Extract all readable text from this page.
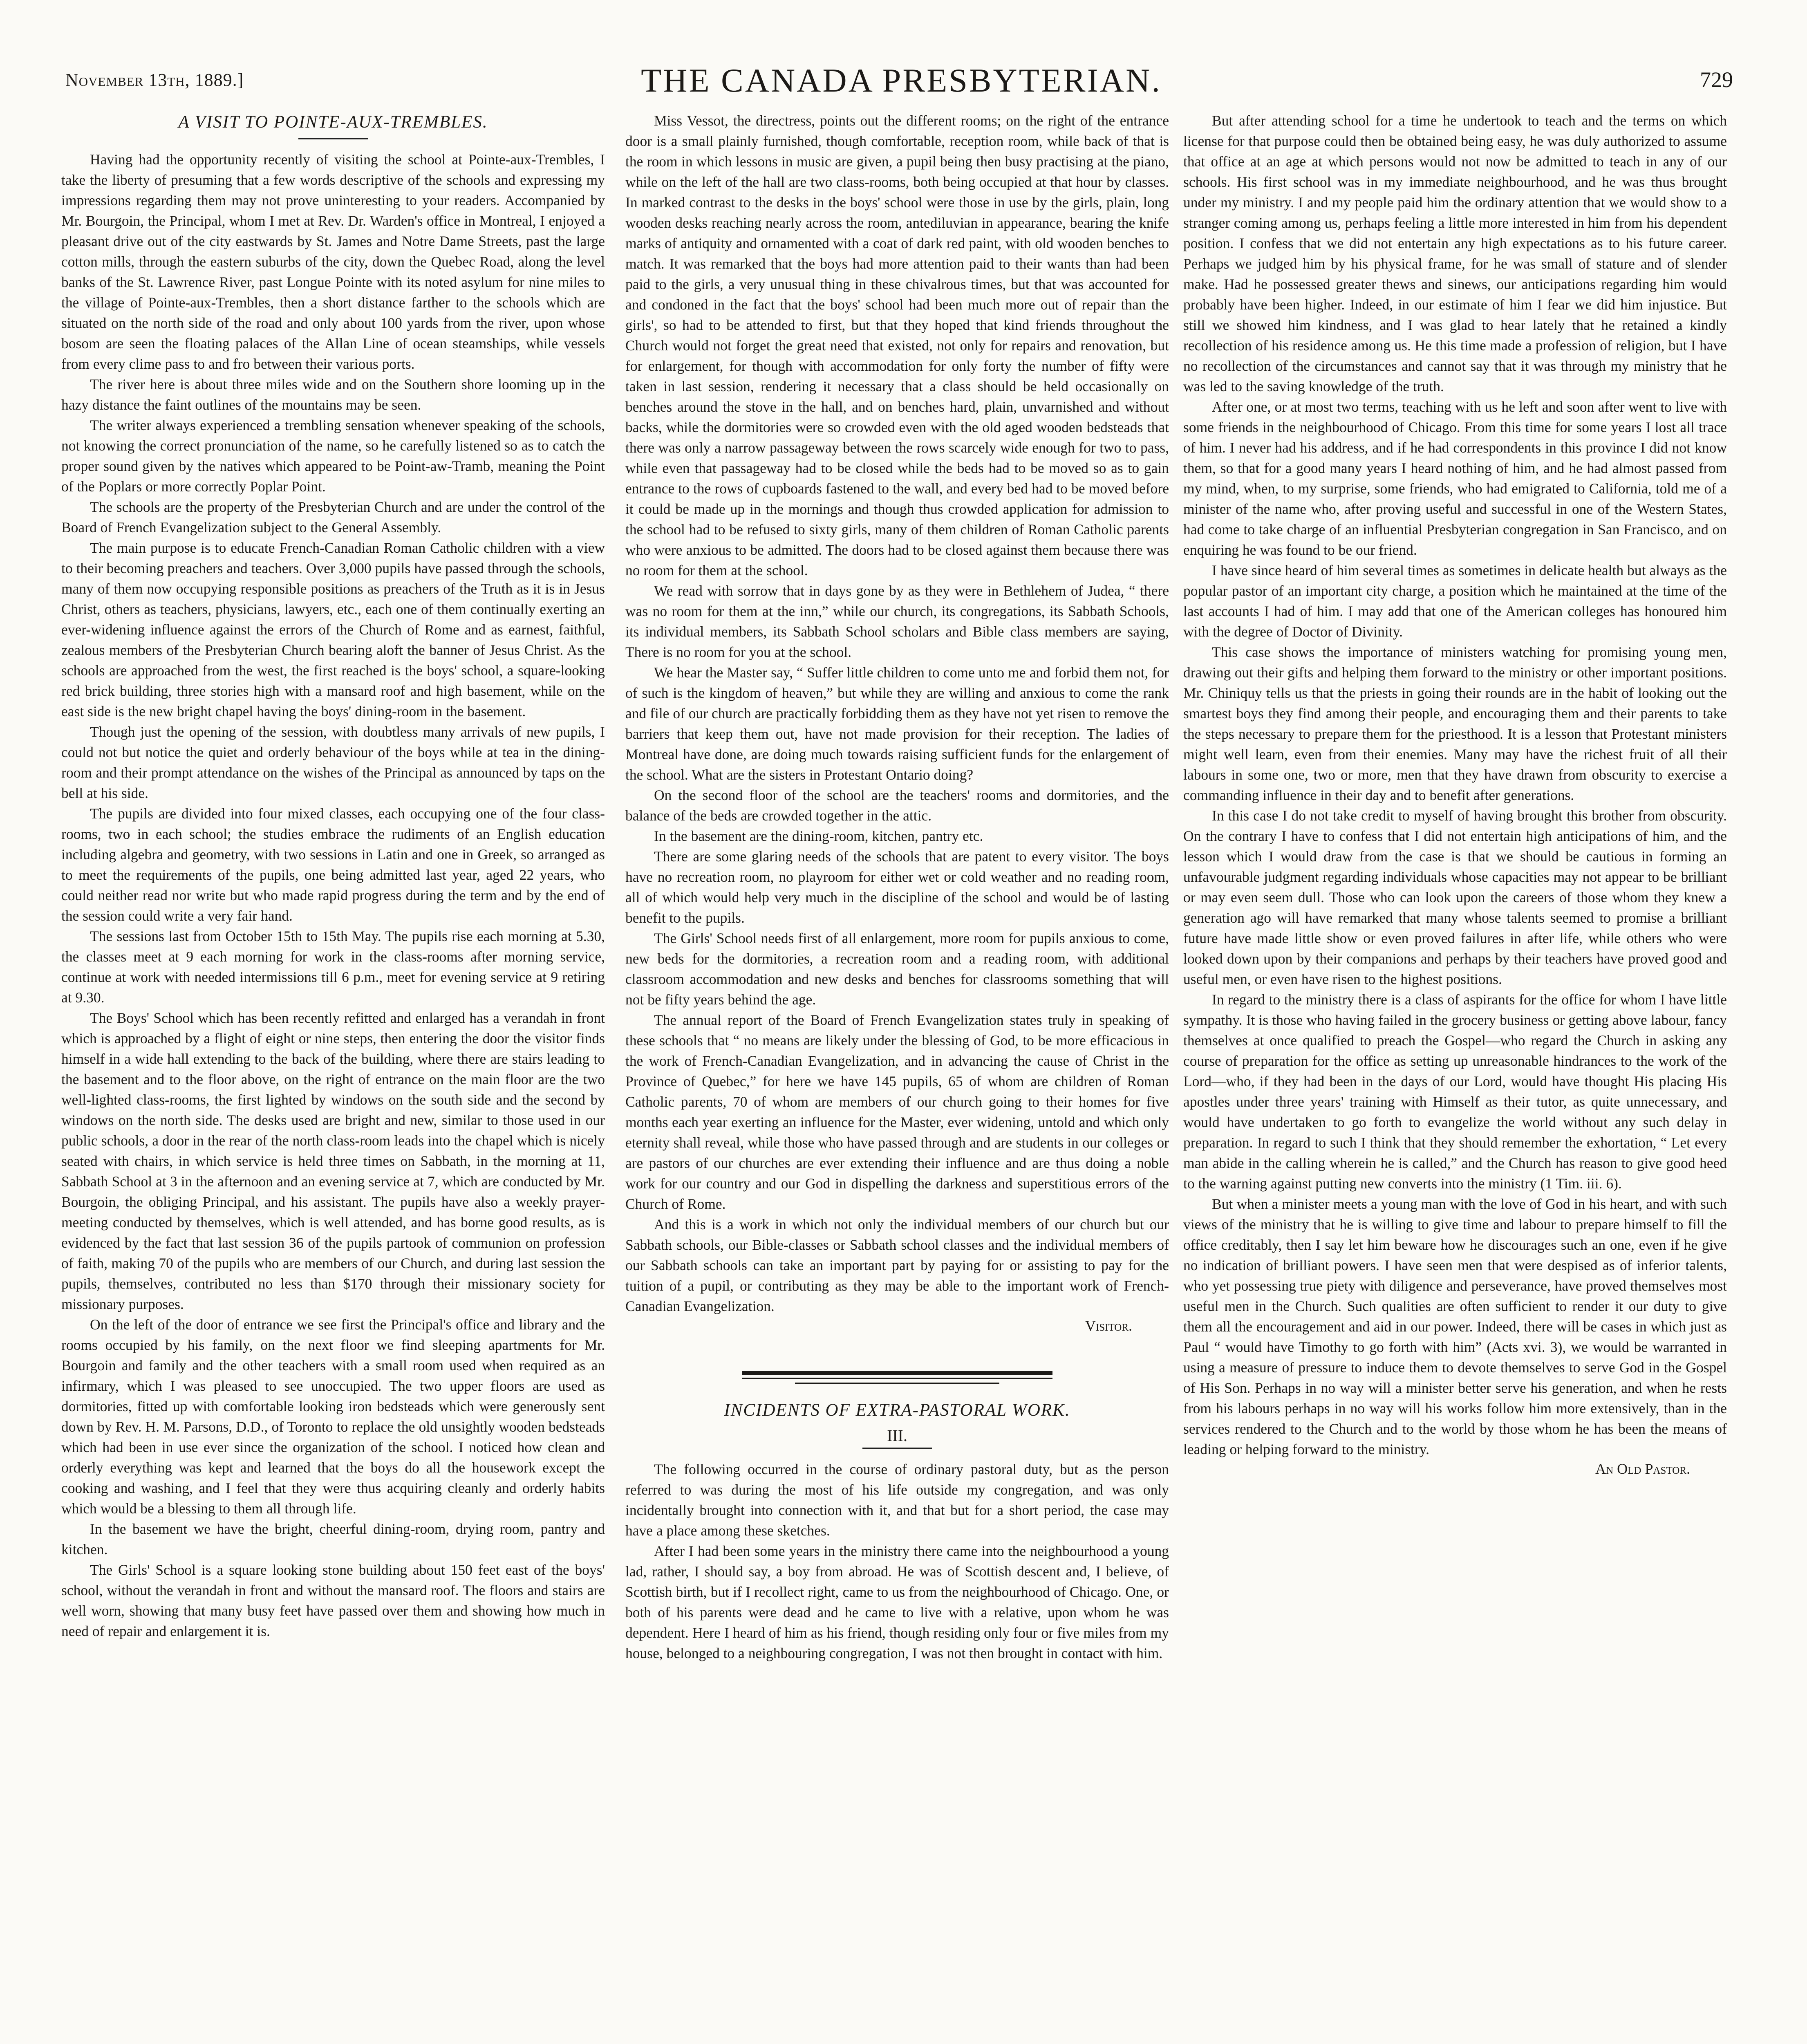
November 13th, 1889.]	THE CANADA PRESBYTERIAN.	729
A VISIT TO POINTE-AUX-TREMBLES.

Having had the opportunity recently of visiting the school at Pointe-aux-Trembles, I take the liberty of presuming that a few words descriptive of the schools and expressing my impressions regarding them may not prove uninteresting to your readers. Accompanied by Mr. Bourgoin, the Principal, whom I met at Rev. Dr. Warden's office in Montreal, I enjoyed a pleasant drive out of the city eastwards by St. James and Notre Dame Streets, past the large cotton mills, through the eastern suburbs of the city, down the Quebec Road, along the level banks of the St. Lawrence River, past Longue Pointe with its noted asylum for nine miles to the village of Pointe-aux-Trembles, then a short distance farther to the schools which are situated on the north side of the road and only about 100 yards from the river, upon whose bosom are seen the floating palaces of the Allan Line of ocean steamships, while vessels from every clime pass to and fro between their various ports.

The river here is about three miles wide and on the Southern shore looming up in the hazy distance the faint outlines of the mountains may be seen.

The writer always experienced a trembling sensation whenever speaking of the schools, not knowing the correct pronunciation of the name, so he carefully listened so as to catch the proper sound given by the natives which appeared to be Point-aw-Tramb, meaning the Point of the Poplars or more correctly Poplar Point.

The schools are the property of the Presbyterian Church and are under the control of the Board of French Evangelization subject to the General Assembly.

The main purpose is to educate French-Canadian Roman Catholic children with a view to their becoming preachers and teachers. Over 3,000 pupils have passed through the schools, many of them now occupying responsible positions as preachers of the Truth as it is in Jesus Christ, others as teachers, physicians, lawyers, etc., each one of them continually exerting an ever-widening influence against the errors of the Church of Rome and as earnest, faithful, zealous members of the Presbyterian Church bearing aloft the banner of Jesus Christ. As the schools are approached from the west, the first reached is the boys' school, a square-looking red brick building, three stories high with a mansard roof and high basement, while on the east side is the new bright chapel having the boys' dining-room in the basement.

Though just the opening of the session, with doubtless many arrivals of new pupils, I could not but notice the quiet and orderly behaviour of the boys while at tea in the dining-room and their prompt attendance on the wishes of the Principal as announced by taps on the bell at his side.

The pupils are divided into four mixed classes, each occupying one of the four class-rooms, two in each school; the studies embrace the rudiments of an English education including algebra and geometry, with two sessions in Latin and one in Greek, so arranged as to meet the requirements of the pupils, one being admitted last year, aged 22 years, who could neither read nor write but who made rapid progress during the term and by the end of the session could write a very fair hand.

The sessions last from October 15th to 15th May. The pupils rise each morning at 5.30, the classes meet at 9 each morning for work in the class-rooms after morning service, continue at work with needed intermissions till 6 p.m., meet for evening service at 9 retiring at 9.30.

The Boys' School which has been recently refitted and enlarged has a verandah in front which is approached by a flight of eight or nine steps, then entering the door the visitor finds himself in a wide hall extending to the back of the building, where there are stairs leading to the basement and to the floor above, on the right of entrance on the main floor are the two well-lighted class-rooms, the first lighted by windows on the south side and the second by windows on the north side. The desks used are bright and new, similar to those used in our public schools, a door in the rear of the north class-room leads into the chapel which is nicely seated with chairs, in which service is held three times on Sabbath, in the morning at 11, Sabbath School at 3 in the afternoon and an evening service at 7, which are conducted by Mr. Bourgoin, the obliging Principal, and his assistant. The pupils have also a weekly prayer-meeting conducted by themselves, which is well attended, and has borne good results, as is evidenced by the fact that last session 36 of the pupils partook of communion on profession of faith, making 70 of the pupils who are members of our Church, and during last session the pupils, themselves, contributed no less than $170 through their missionary society for missionary purposes.

On the left of the door of entrance we see first the Principal's office and library and the rooms occupied by his family, on the next floor we find sleeping apartments for Mr. Bourgoin and family and the other teachers with a small room used when required as an infirmary, which I was pleased to see unoccupied. The two upper floors are used as dormitories, fitted up with comfortable looking iron bedsteads which were generously sent down by Rev. H. M. Parsons, D.D., of Toronto to replace the old unsightly wooden bedsteads which had been in use ever since the organization of the school. I noticed how clean and orderly everything was kept and learned that the boys do all the housework except the cooking and washing, and I feel that they were thus acquiring cleanly and orderly habits which would be a blessing to them all through life.

In the basement we have the bright, cheerful dining-room, drying room, pantry and kitchen.

The Girls' School is a square looking stone building about 150 feet east of the boys' school, without the verandah in front and without the mansard roof. The floors and stairs are well worn, showing that many busy feet have passed over them and showing how much in need of repair and enlargement it is.

Miss Vessot, the directress, points out the different rooms; on the right of the entrance door is a small plainly furnished, though comfortable, reception room, while back of that is the room in which lessons in music are given, a pupil being then busy practising at the piano, while on the left of the hall are two class-rooms, both being occupied at that hour by classes. In marked contrast to the desks in the boys' school were those in use by the girls, plain, long wooden desks reaching nearly across the room, antediluvian in appearance, bearing the knife marks of antiquity and ornamented with a coat of dark red paint, with old wooden benches to match. It was remarked that the boys had more attention paid to their wants than had been paid to the girls, a very unusual thing in these chivalrous times, but that was accounted for and condoned in the fact that the boys' school had been much more out of repair than the girls', so had to be attended to first, but that they hoped that kind friends throughout the Church would not forget the great need that existed, not only for repairs and renovation, but for enlargement, for though with accommodation for only forty the number of fifty were taken in last session, rendering it necessary that a class should be held occasionally on benches around the stove in the hall, and on benches hard, plain, unvarnished and without backs, while the dormitories were so crowded even with the old aged wooden bedsteads that there was only a narrow passageway between the rows scarcely wide enough for two to pass, while even that passageway had to be closed while the beds had to be moved so as to gain entrance to the rows of cupboards fastened to the wall, and every bed had to be moved before it could be made up in the mornings and though thus crowded application for admission to the school had to be refused to sixty girls, many of them children of Roman Catholic parents who were anxious to be admitted. The doors had to be closed against them because there was no room for them at the school.

We read with sorrow that in days gone by as they were in Bethlehem of Judea, “ there was no room for them at the inn,” while our church, its congregations, its Sabbath Schools, its individual members, its Sabbath School scholars and Bible class members are saying, There is no room for you at the school.

We hear the Master say, “ Suffer little children to come unto me and forbid them not, for of such is the kingdom of heaven,” but while they are willing and anxious to come the rank and file of our church are practically forbidding them as they have not yet risen to remove the barriers that keep them out, have not made provision for their reception. The ladies of Montreal have done, are doing much towards raising sufficient funds for the enlargement of the school. What are the sisters in Protestant Ontario doing?

On the second floor of the school are the teachers' rooms and dormitories, and the balance of the beds are crowded together in the attic.

In the basement are the dining-room, kitchen, pantry etc.

There are some glaring needs of the schools that are patent to every visitor. The boys have no recreation room, no playroom for either wet or cold weather and no reading room, all of which would help very much in the discipline of the school and would be of lasting benefit to the pupils.

The Girls' School needs first of all enlargement, more room for pupils anxious to come, new beds for the dormitories, a recreation room and a reading room, with additional classroom accommodation and new desks and benches for classrooms something that will not be fifty years behind the age.

The annual report of the Board of French Evangelization states truly in speaking of these schools that “ no means are likely under the blessing of God, to be more efficacious in the work of French-Canadian Evangelization, and in advancing the cause of Christ in the Province of Quebec,” for here we have 145 pupils, 65 of whom are children of Roman Catholic parents, 70 of whom are members of our church going to their homes for five months each year exerting an influence for the Master, ever widening, untold and which only eternity shall reveal, while those who have passed through and are students in our colleges or are pastors of our churches are ever extending their influence and are thus doing a noble work for our country and our God in dispelling the darkness and superstitious errors of the Church of Rome.

And this is a work in which not only the individual members of our church but our Sabbath schools, our Bible-classes or Sabbath school classes and the individual members of our Sabbath schools can take an important part by paying for or assisting to pay for the tuition of a pupil, or contributing as they may be able to the important work of French-Canadian Evangelization.

Visitor.
INCIDENTS OF EXTRA-PASTORAL WORK.
III.

The following occurred in the course of ordinary pastoral duty, but as the person referred to was during the most of his life outside my congregation, and was only incidentally brought into connection with it, and that but for a short period, the case may have a place among these sketches.

After I had been some years in the ministry there came into the neighbourhood a young lad, rather, I should say, a boy from abroad. He was of Scottish descent and, I believe, of Scottish birth, but if I recollect right, came to us from the neighbourhood of Chicago. One, or both of his parents were dead and he came to live with a relative, upon whom he was dependent. Here I heard of him as his friend, though residing only four or five miles from my house, belonged to a neighbouring congregation, I was not then brought in contact with him.

But after attending school for a time he undertook to teach and the terms on which license for that purpose could then be obtained being easy, he was duly authorized to assume that office at an age at which persons would not now be admitted to teach in any of our schools. His first school was in my immediate neighbourhood, and he was thus brought under my ministry. I and my people paid him the ordinary attention that we would show to a stranger coming among us, perhaps feeling a little more interested in him from his dependent position. I confess that we did not entertain any high expectations as to his future career. Perhaps we judged him by his physical frame, for he was small of stature and of slender make. Had he possessed greater thews and sinews, our anticipations regarding him would probably have been higher. Indeed, in our estimate of him I fear we did him injustice. But still we showed him kindness, and I was glad to hear lately that he retained a kindly recollection of his residence among us. He this time made a profession of religion, but I have no recollection of the circumstances and cannot say that it was through my ministry that he was led to the saving knowledge of the truth.

After one, or at most two terms, teaching with us he left and soon after went to live with some friends in the neighbourhood of Chicago. From this time for some years I lost all trace of him. I never had his address, and if he had correspondents in this province I did not know them, so that for a good many years I heard nothing of him, and he had almost passed from my mind, when, to my surprise, some friends, who had emigrated to California, told me of a minister of the name who, after proving useful and successful in one of the Western States, had come to take charge of an influential Presbyterian congregation in San Francisco, and on enquiring he was found to be our friend.

I have since heard of him several times as sometimes in delicate health but always as the popular pastor of an important city charge, a position which he maintained at the time of the last accounts I had of him. I may add that one of the American colleges has honoured him with the degree of Doctor of Divinity.

This case shows the importance of ministers watching for promising young men, drawing out their gifts and helping them forward to the ministry or other important positions. Mr. Chiniquy tells us that the priests in going their rounds are in the habit of looking out the smartest boys they find among their people, and encouraging them and their parents to take the steps necessary to prepare them for the priesthood. It is a lesson that Protestant ministers might well learn, even from their enemies. Many may have the richest fruit of all their labours in some one, two or more, men that they have drawn from obscurity to exercise a commanding influence in their day and to benefit after generations.

In this case I do not take credit to myself of having brought this brother from obscurity. On the contrary I have to confess that I did not entertain high anticipations of him, and the lesson which I would draw from the case is that we should be cautious in forming an unfavourable judgment regarding individuals whose capacities may not appear to be brilliant or may even seem dull. Those who can look upon the careers of those whom they knew a generation ago will have remarked that many whose talents seemed to promise a brilliant future have made little show or even proved failures in after life, while others who were looked down upon by their companions and perhaps by their teachers have proved good and useful men, or even have risen to the highest positions.

In regard to the ministry there is a class of aspirants for the office for whom I have little sympathy. It is those who having failed in the grocery business or getting above labour, fancy themselves at once qualified to preach the Gospel—who regard the Church in asking any course of preparation for the office as setting up unreasonable hindrances to the work of the Lord—who, if they had been in the days of our Lord, would have thought His placing His apostles under three years' training with Himself as their tutor, as quite unnecessary, and would have undertaken to go forth to evangelize the world without any such delay in preparation. In regard to such I think that they should remember the exhortation, “ Let every man abide in the calling wherein he is called,” and the Church has reason to give good heed to the warning against putting new converts into the ministry (1 Tim. iii. 6).

But when a minister meets a young man with the love of God in his heart, and with such views of the ministry that he is willing to give time and labour to prepare himself to fill the office creditably, then I say let him beware how he discourages such an one, even if he give no indication of brilliant powers. I have seen men that were despised as of inferior talents, who yet possessing true piety with diligence and perseverance, have proved themselves most useful men in the Church. Such qualities are often sufficient to render it our duty to give them all the encouragement and aid in our power. Indeed, there will be cases in which just as Paul “ would have Timothy to go forth with him” (Acts xvi. 3), we would be warranted in using a measure of pressure to induce them to devote themselves to serve God in the Gospel of His Son. Perhaps in no way will a minister better serve his generation, and when he rests from his labours perhaps in no way will his works follow him more extensively, than in the services rendered to the Church and to the world by those whom he has been the means of leading or helping forward to the ministry.

An Old Pastor.
